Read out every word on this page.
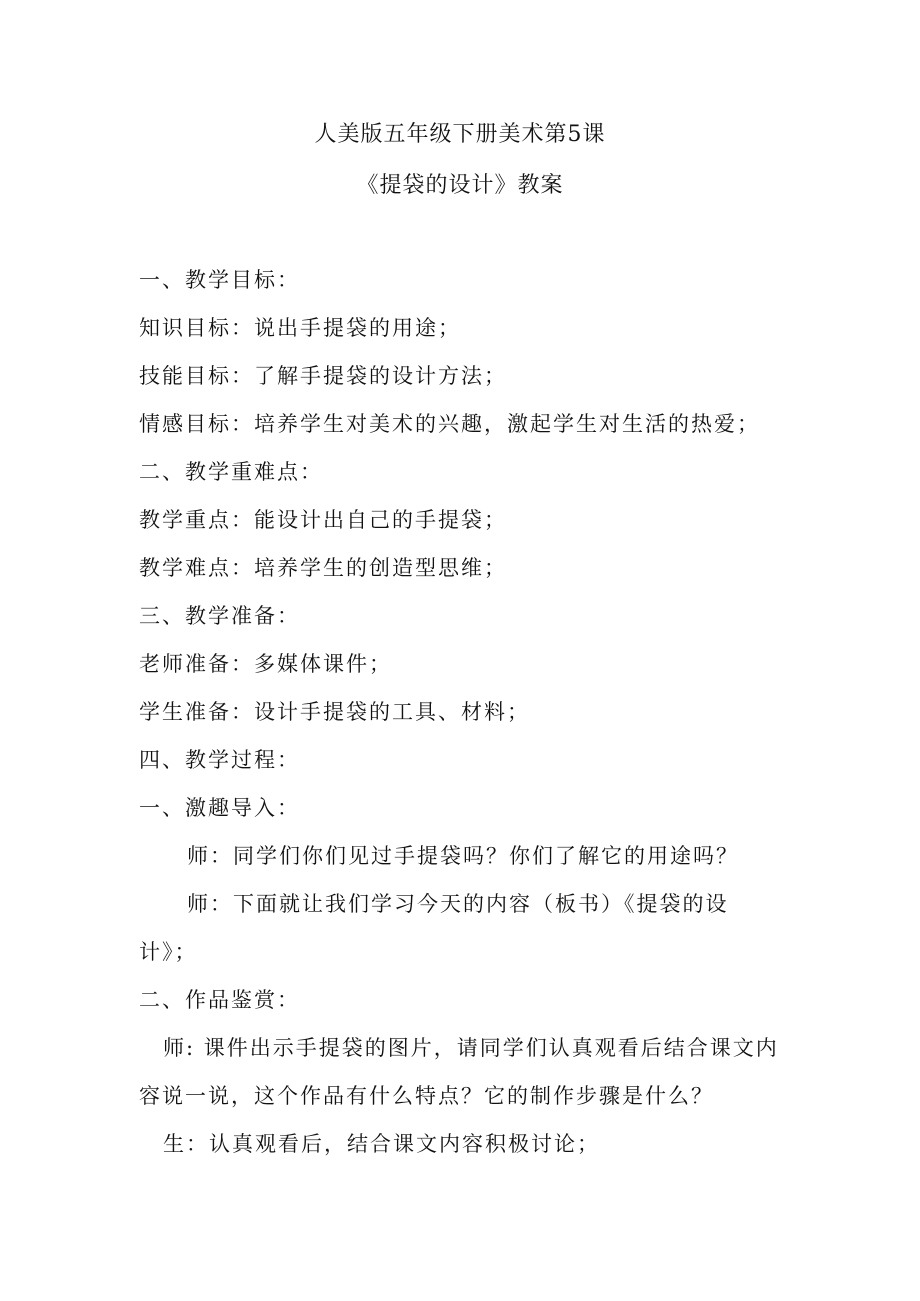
人美版五年级下册美术第5课
《提袋的设计》教案
一、教学目标：
知识目标：说出手提袋的用途；
技能目标：了解手提袋的设计方法；
情感目标：培养学生对美术的兴趣，激起学生对生活的热爱；
二、教学重难点：
教学重点：能设计出自己的手提袋；
教学难点：培养学生的创造型思维；
三、教学准备：
老师准备：多媒体课件；
学生准备：设计手提袋的工具、材料；
四、教学过程：
一、激趣导入：
师：同学们你们见过手提袋吗？你们了解它的用途吗？
师：下面就让我们学习今天的内容（板书）《提袋的设
计》；
二、作品鉴赏：
师: 课件出示手提袋的图片，请同学们认真观看后结合课文内
容说一说，这个作品有什么特点？它的制作步骤是什么？
生：认真观看后，结合课文内容积极讨论；
